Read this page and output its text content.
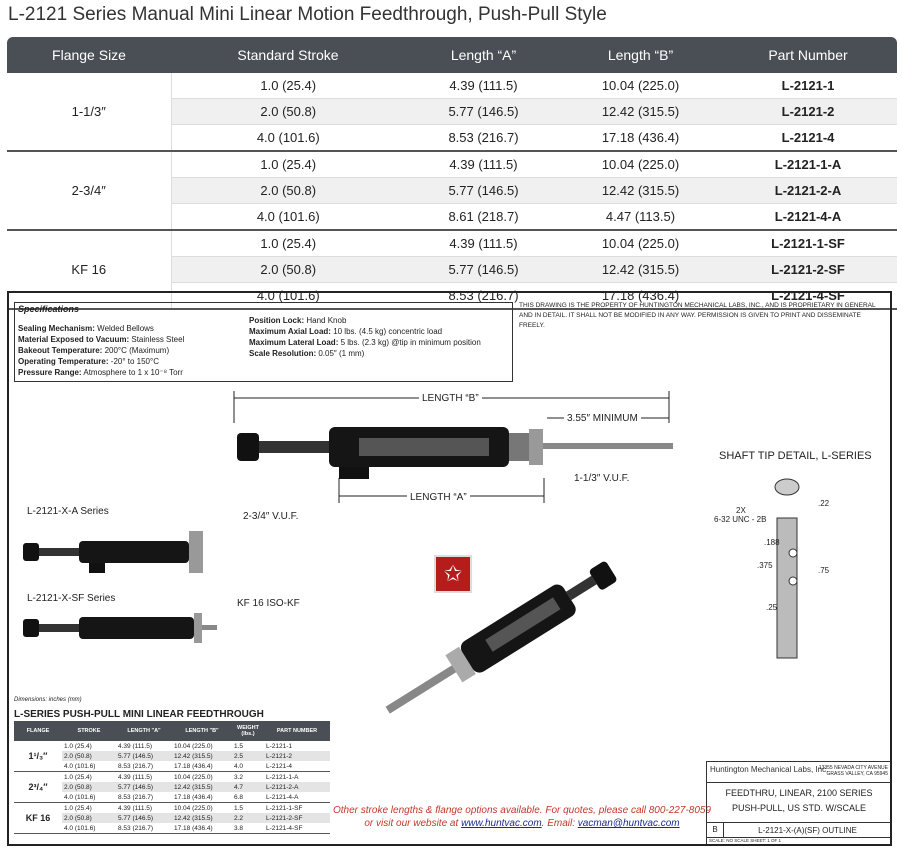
L-2121 Series Manual Mini Linear Motion Feedthrough, Push-Pull Style
Flange Size	Standard Stroke	Length “A”	Length “B”	Part Number
1-1/3″	1.0 (25.4)	4.39 (111.5)	10.04 (225.0)	L-2121-1
	2.0 (50.8)	5.77 (146.5)	12.42 (315.5)	L-2121-2
	4.0 (101.6)	8.53 (216.7)	17.18 (436.4)	L-2121-4
2-3/4″	1.0 (25.4)	4.39 (111.5)	10.04 (225.0)	L-2121-1-A
	2.0 (50.8)	5.77 (146.5)	12.42 (315.5)	L-2121-2-A
	4.0 (101.6)	8.61 (218.7)	4.47 (113.5)	L-2121-4-A
KF 16	1.0 (25.4)	4.39 (111.5)	10.04 (225.0)	L-2121-1-SF
	2.0 (50.8)	5.77 (146.5)	12.42 (315.5)	L-2121-2-SF
	4.0 (101.6)	8.53 (216.7)	17.18 (436.4)	L-2121-4-SF
Specifications
Sealing Mechanism: Welded Bellows
Material Exposed to Vacuum: Stainless Steel
Bakeout Temperature: 200°C (Maximum)
Operating Temperature: -20° to 150°C
Pressure Range: Atmosphere to 1 x 10⁻⁸ Torr
Position Lock: Hand Knob
Maximum Axial Load: 10 lbs. (4.5 kg) concentric load
Maximum Lateral Load: 5 lbs. (2.3 kg) @tip in minimum position
Scale Resolution: 0.05″ (1 mm)
THIS DRAWING IS THE PROPERTY OF HUNTINGTON MECHANICAL LABS, INC., AND IS PROPRIETARY IN GENERAL AND IN DETAIL. IT SHALL NOT BE MODIFIED IN ANY WAY. PERMISSION IS GIVEN TO PRINT AND DISSEMINATE FREELY.
LENGTH “B”
3.55″ MINIMUM
LENGTH “A”
1-1/3″ V.U.F.
L-2121-X-A Series	2-3/4″ V.U.F.
L-2121-X-SF Series	KF 16 ISO-KF
✩
SHAFT TIP DETAIL, L-SERIES
.22
2X
6-32 UNC - 2B
.188
.375
.75
.25
Dimensions: inches (mm)
L-SERIES PUSH-PULL MINI LINEAR FEEDTHROUGH
FLANGE	STROKE	LENGTH "A"	LENGTH "B"	WEIGHT (lbs.)	PART NUMBER
1¹/₃″	1.0 (25.4)	4.39 (111.5)	10.04 (225.0)	1.5	L-2121-1
	2.0 (50.8)	5.77 (146.5)	12.42 (315.5)	2.5	L-2121-2
	4.0 (101.6)	8.53 (216.7)	17.18 (436.4)	4.0	L-2121-4
2³/₄″	1.0 (25.4)	4.39 (111.5)	10.04 (225.0)	3.2	L-2121-1-A
	2.0 (50.8)	5.77 (146.5)	12.42 (315.5)	4.7	L-2121-2-A
	4.0 (101.6)	8.53 (216.7)	17.18 (436.4)	6.8	L-2121-4-A
KF 16	1.0 (25.4)	4.39 (111.5)	10.04 (225.0)	1.5	L-2121-1-SF
	2.0 (50.8)	5.77 (146.5)	12.42 (315.5)	2.2	L-2121-2-SF
	4.0 (101.6)	8.53 (216.7)	17.18 (436.4)	3.8	L-2121-4-SF
Other stroke lengths & flange options available. For quotes, please call 800-227-8059
or visit our website at www.huntvac.com. Email: vacman@huntvac.com
Huntington Mechanical Labs, Inc.
13355 NEVADA CITY AVENUE
GRASS VALLEY, CA 95945
FEEDTHRU, LINEAR, 2100 SERIES
PUSH-PULL, US STD. W/SCALE
B	L-2121-X-(A)(SF) OUTLINE
SCALE: NO SCALE SHEET: 1 OF 1
